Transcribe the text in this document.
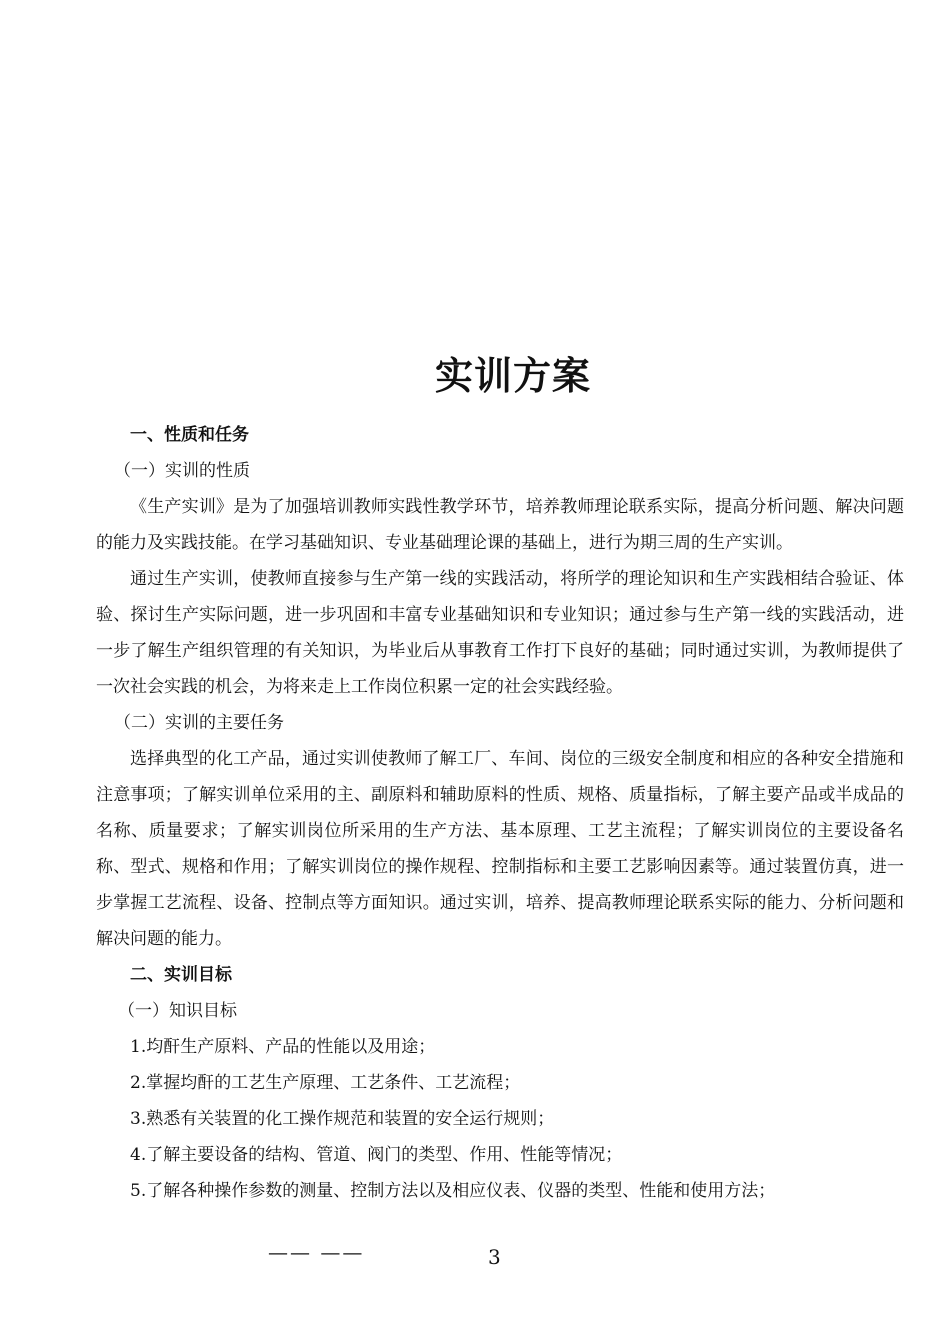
实训方案

一、性质和任务

（一）实训的性质

《生产实训》是为了加强培训教师实践性教学环节，培养教师理论联系实际，提高分析问题、解决问题的能力及实践技能。在学习基础知识、专业基础理论课的基础上，进行为期三周的生产实训。

通过生产实训，使教师直接参与生产第一线的实践活动，将所学的理论知识和生产实践相结合验证、体验、探讨生产实际问题，进一步巩固和丰富专业基础知识和专业知识；通过参与生产第一线的实践活动，进一步了解生产组织管理的有关知识，为毕业后从事教育工作打下良好的基础；同时通过实训，为教师提供了一次社会实践的机会，为将来走上工作岗位积累一定的社会实践经验。

（二）实训的主要任务

选择典型的化工产品，通过实训使教师了解工厂、车间、岗位的三级安全制度和相应的各种安全措施和注意事项；了解实训单位采用的主、副原料和辅助原料的性质、规格、质量指标，了解主要产品或半成品的名称、质量要求；了解实训岗位所采用的生产方法、基本原理、工艺主流程；了解实训岗位的主要设备名称、型式、规格和作用；了解实训岗位的操作规程、控制指标和主要工艺影响因素等。通过装置仿真，进一步掌握工艺流程、设备、控制点等方面知识。通过实训，培养、提高教师理论联系实际的能力、分析问题和解决问题的能力。

二、实训目标

（一）知识目标

1.均酐生产原料、产品的性能以及用途；

2.掌握均酐的工艺生产原理、工艺条件、工艺流程；

3.熟悉有关装置的化工操作规范和装置的安全运行规则；

4.了解主要设备的结构、管道、阀门的类型、作用、性能等情况；

5.了解各种操作参数的测量、控制方法以及相应仪表、仪器的类型、性能和使用方法；

—— ——	3
